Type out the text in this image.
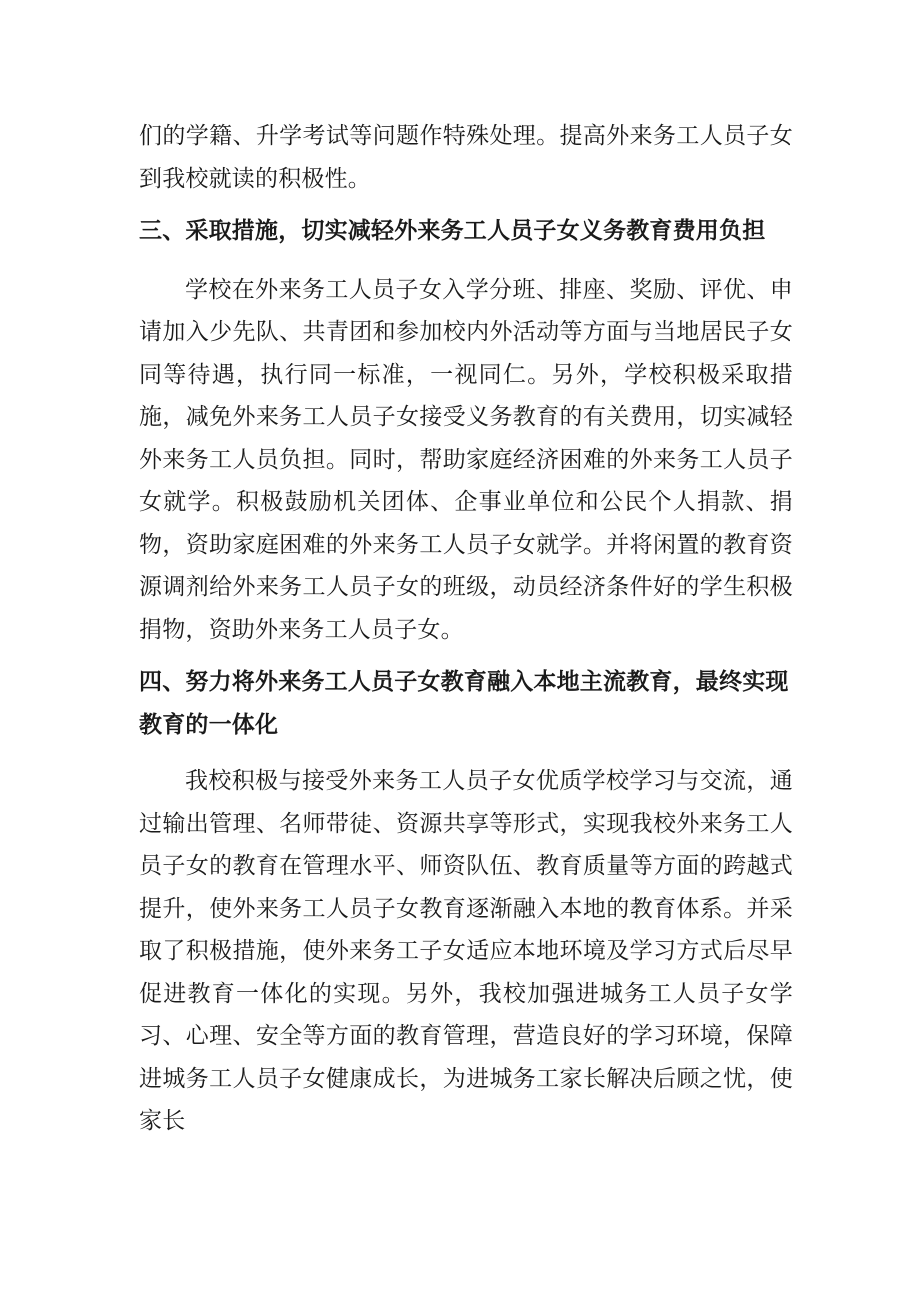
们的学籍、升学考试等问题作特殊处理。提高外来务工人员子女到我校就读的积极性。

三、采取措施，切实减轻外来务工人员子女义务教育费用负担

学校在外来务工人员子女入学分班、排座、奖励、评优、申请加入少先队、共青团和参加校内外活动等方面与当地居民子女同等待遇，执行同一标准，一视同仁。另外，学校积极采取措施，减免外来务工人员子女接受义务教育的有关费用，切实减轻外来务工人员负担。同时，帮助家庭经济困难的外来务工人员子女就学。积极鼓励机关团体、企事业单位和公民个人捐款、捐物，资助家庭困难的外来务工人员子女就学。并将闲置的教育资源调剂给外来务工人员子女的班级，动员经济条件好的学生积极捐物，资助外来务工人员子女。

四、努力将外来务工人员子女教育融入本地主流教育，最终实现教育的一体化

我校积极与接受外来务工人员子女优质学校学习与交流，通过输出管理、名师带徒、资源共享等形式，实现我校外来务工人员子女的教育在管理水平、师资队伍、教育质量等方面的跨越式提升，使外来务工人员子女教育逐渐融入本地的教育体系。并采取了积极措施，使外来务工子女适应本地环境及学习方式后尽早促进教育一体化的实现。另外，我校加强进城务工人员子女学习、心理、安全等方面的教育管理，营造良好的学习环境，保障进城务工人员子女健康成长，为进城务工家长解决后顾之忧，使家长
